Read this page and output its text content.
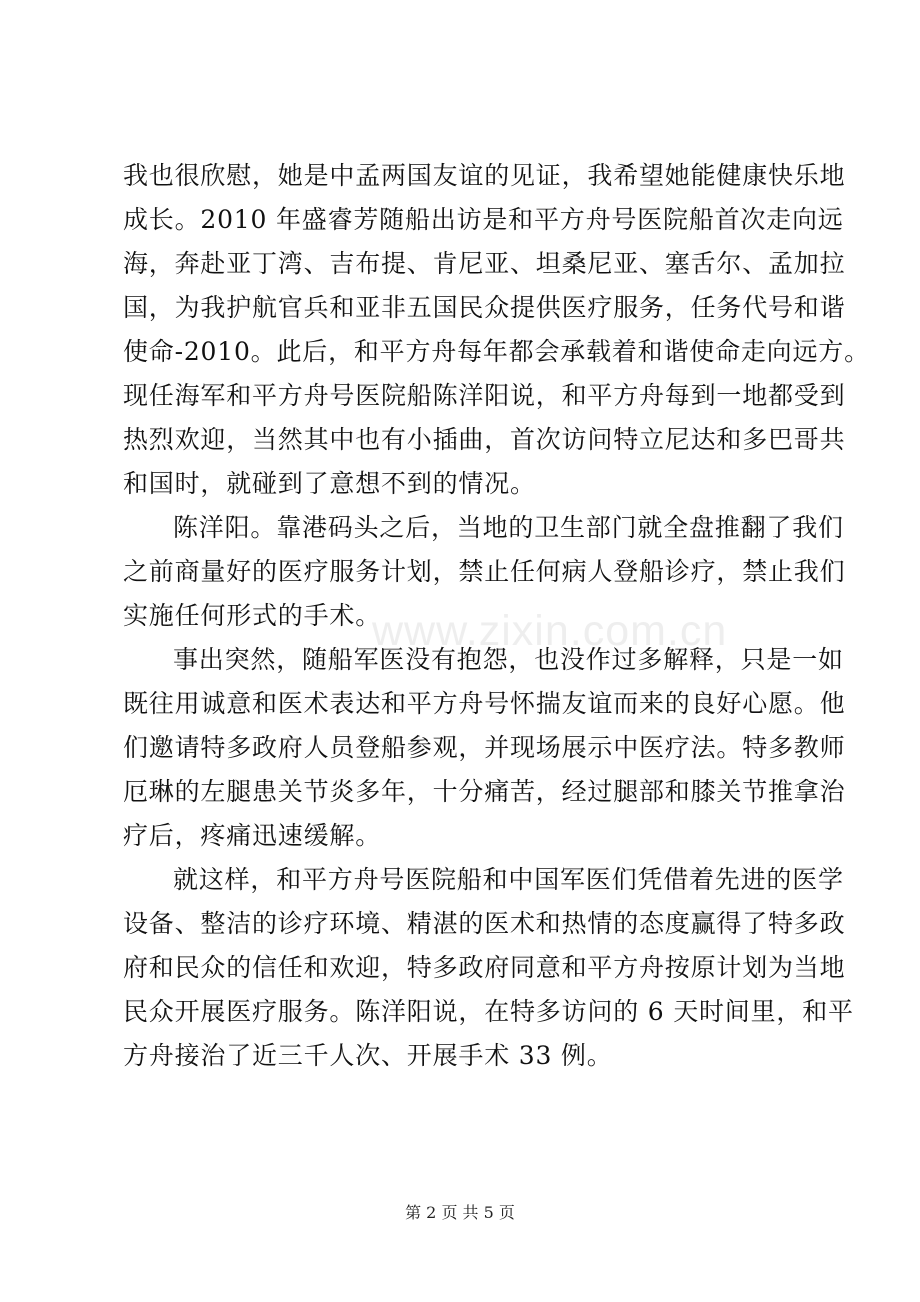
我也很欣慰，她是中孟两国友谊的见证，我希望她能健康快乐地
成长。2010 年盛睿芳随船出访是和平方舟号医院船首次走向远
海，奔赴亚丁湾、吉布提、肯尼亚、坦桑尼亚、塞舌尔、孟加拉
国，为我护航官兵和亚非五国民众提供医疗服务，任务代号和谐
使命-2010。此后，和平方舟每年都会承载着和谐使命走向远方。
现任海军和平方舟号医院船陈洋阳说，和平方舟每到一地都受到
热烈欢迎，当然其中也有小插曲，首次访问特立尼达和多巴哥共
和国时，就碰到了意想不到的情况。
陈洋阳。靠港码头之后，当地的卫生部门就全盘推翻了我们
之前商量好的医疗服务计划，禁止任何病人登船诊疗，禁止我们
实施任何形式的手术。
事出突然，随船军医没有抱怨，也没作过多解释，只是一如
既往用诚意和医术表达和平方舟号怀揣友谊而来的良好心愿。他
们邀请特多政府人员登船参观，并现场展示中医疗法。特多教师
厄琳的左腿患关节炎多年，十分痛苦，经过腿部和膝关节推拿治
疗后，疼痛迅速缓解。
就这样，和平方舟号医院船和中国军医们凭借着先进的医学
设备、整洁的诊疗环境、精湛的医术和热情的态度赢得了特多政
府和民众的信任和欢迎，特多政府同意和平方舟按原计划为当地
民众开展医疗服务。陈洋阳说，在特多访问的 6 天时间里，和平
方舟接治了近三千人次、开展手术 33 例。
www.zixin.com.cn
第 2 页 共 5 页
